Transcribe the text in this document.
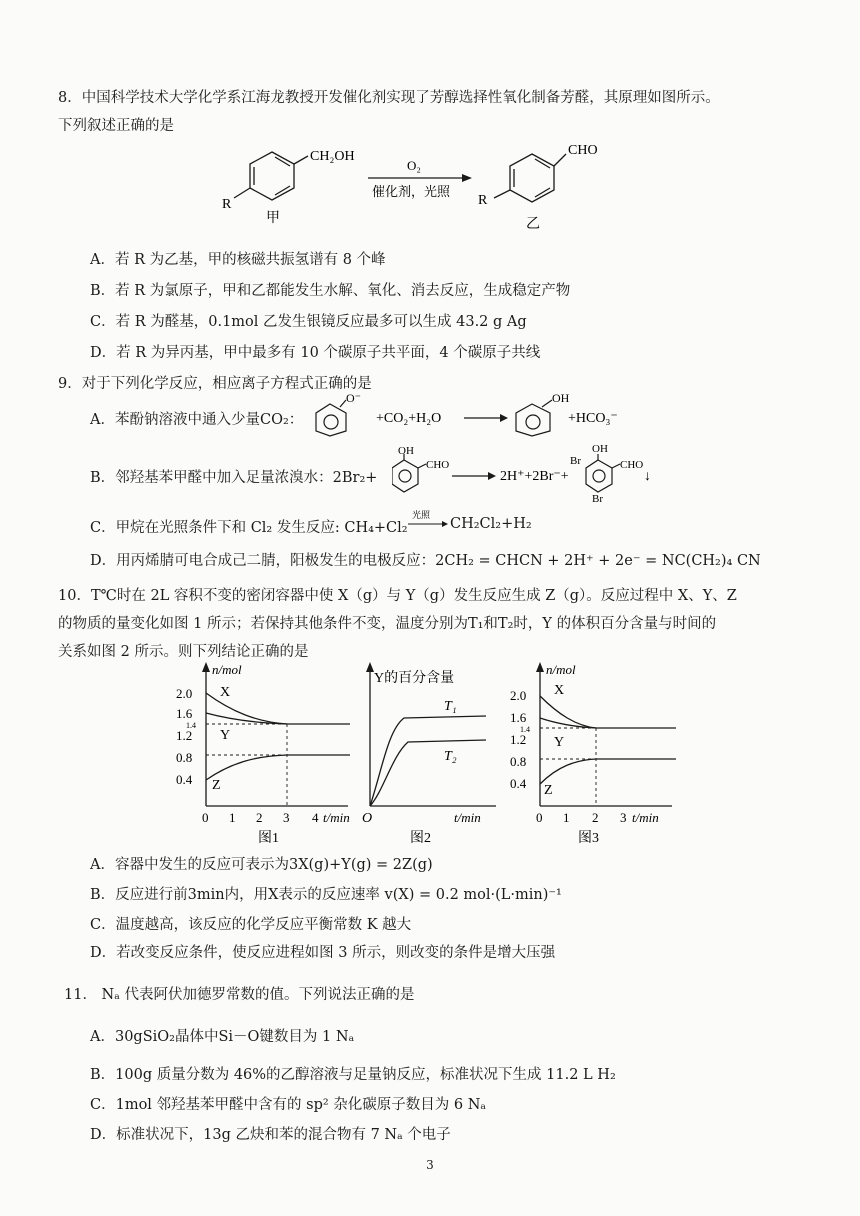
8．中国科学技术大学化学系江海龙教授开发催化剂实现了芳醇选择性氧化制备芳醛，其原理如图所示。
下列叙述正确的是
CH₂OH
R
甲
O₂
催化剂，光照
CHO
R
乙
A．若 R 为乙基，甲的核磁共振氢谱有 8 个峰
B．若 R 为氯原子，甲和乙都能发生水解、氧化、消去反应，生成稳定产物
C．若 R 为醛基，0.1mol 乙发生银镜反应最多可以生成 43.2 g Ag
D．若 R 为异丙基，甲中最多有 10 个碳原子共平面，4 个碳原子共线
9．对于下列化学反应，相应离子方程式正确的是
A．苯酚钠溶液中通入少量CO₂：
O⁻
+CO₂+H₂O
OH
+HCO₃⁻
B．邻羟基苯甲醛中加入足量浓溴水：2Br₂+
OH
CHO
2H⁺+2Br⁻+
Br
OH
CHO
Br
↓
C．甲烷在光照条件下和 Cl₂ 发生反应: CH₄+Cl₂
光照
CH₂Cl₂+H₂
D．用丙烯腈可电合成己二腈，阳极发生的电极反应：2CH₂ = CHCN + 2H⁺ + 2e⁻ = NC(CH₂)₄ CN
10．T℃时在 2L 容积不变的密闭容器中使 X（g）与 Y（g）发生反应生成 Z（g）。反应过程中 X、Y、Z
的物质的量变化如图 1 所示；若保持其他条件不变，温度分别为T₁和T₂时，Y 的体积百分含量与时间的
关系如图 2 所示。则下列结论正确的是
n/mol
2.0
1.6
1.4
1.2
0.8
0.4
0 1 2 3 4 t/min
X
Y
Z
图1
Y的百分含量
O	t/min
T₁
T₂
图2
n/mol
2.0
1.6
1.4
1.2
0.8
0.4
0 1 2 3 t/min
X
Y
Z
图3
A．容器中发生的反应可表示为3X(g)+Y(g) = 2Z(g)
B．反应进行前3min内，用X表示的反应速率 v(X) = 0.2 mol·(L·min)⁻¹
C．温度越高，该反应的化学反应平衡常数 K 越大
D．若改变反应条件，使反应进程如图 3 所示，则改变的条件是增大压强
11． Nₐ 代表阿伏加德罗常数的值。下列说法正确的是
A．30gSiO₂晶体中Si－O键数目为 1 Nₐ
B．100g 质量分数为 46%的乙醇溶液与足量钠反应，标准状况下生成 11.2 L H₂
C．1mol 邻羟基苯甲醛中含有的 sp² 杂化碳原子数目为 6 Nₐ
D．标准状况下，13g 乙炔和苯的混合物有 7 Nₐ 个电子
3
